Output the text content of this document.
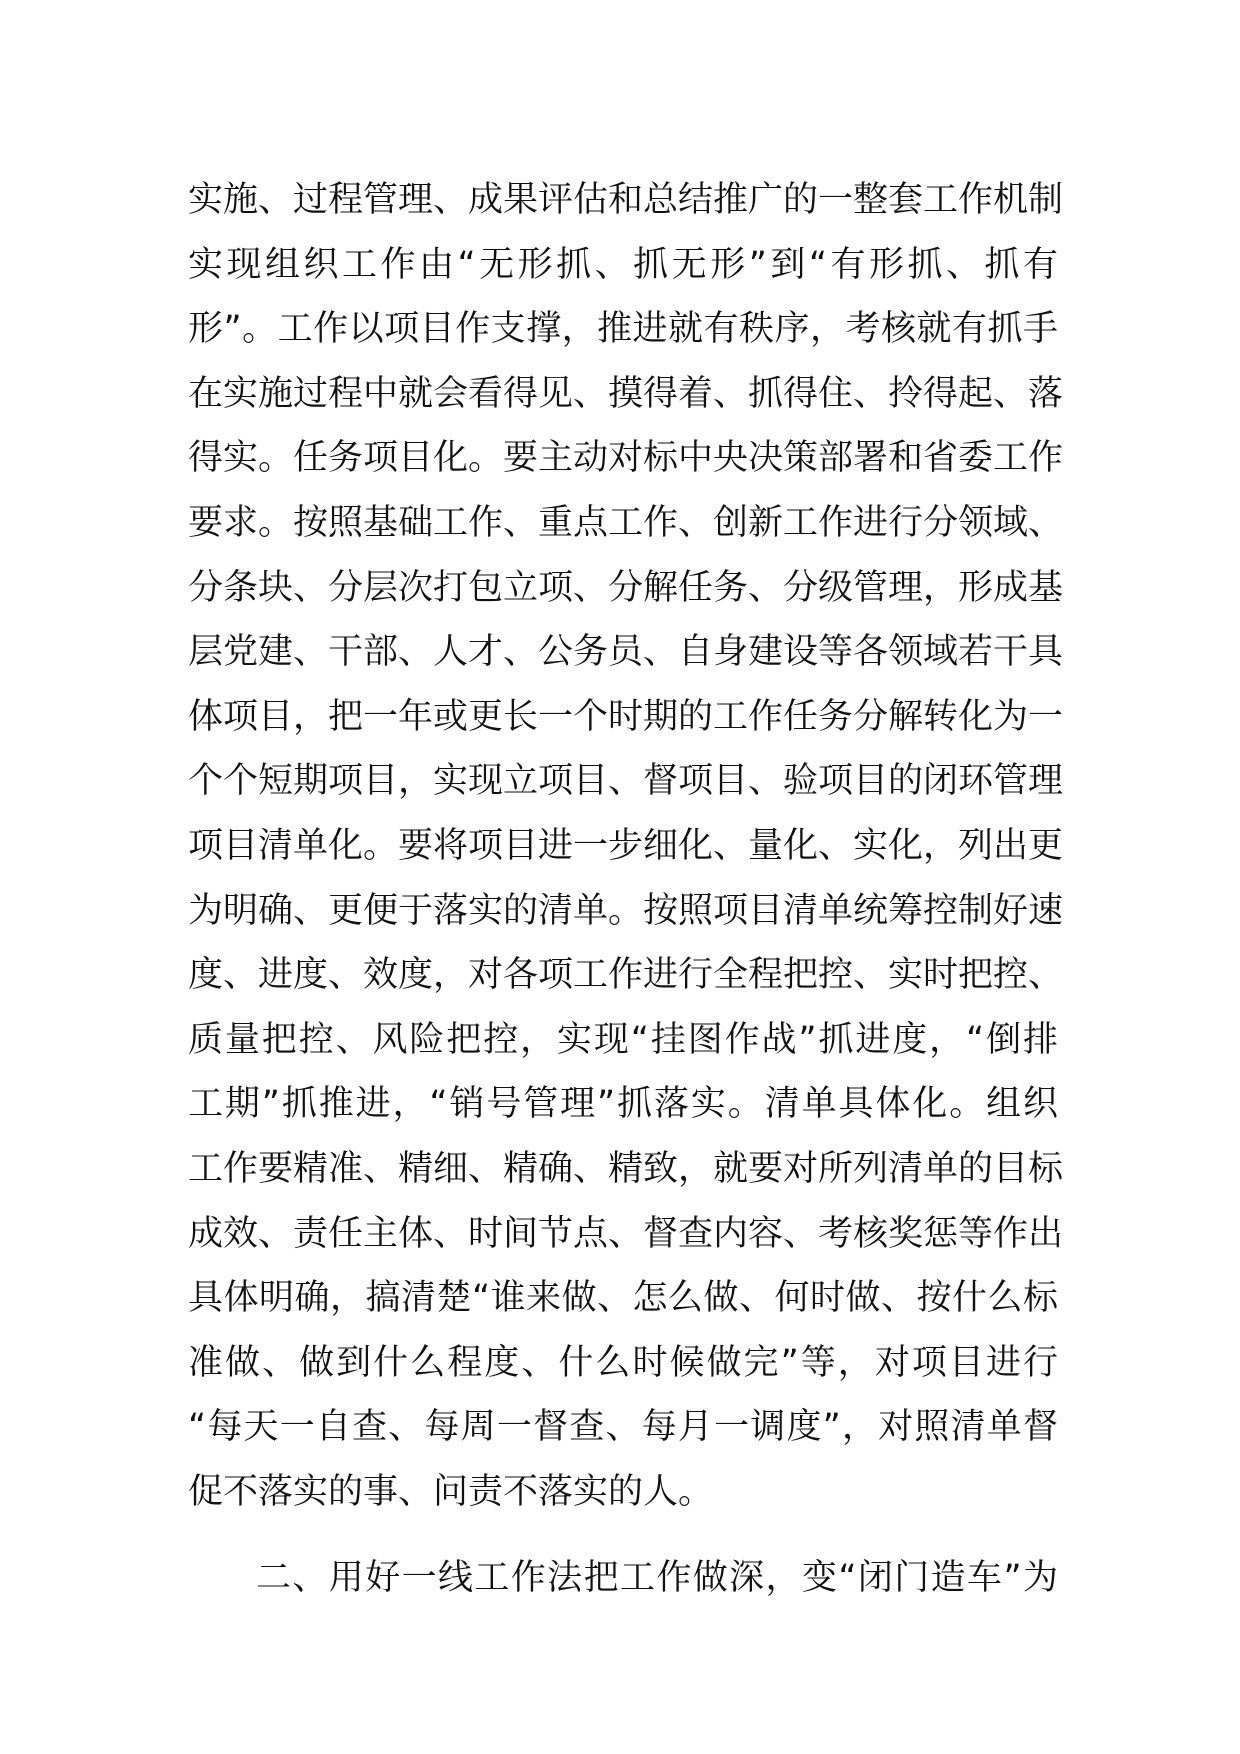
实施、过程管理、成果评估和总结推广的一整套工作机制
实现组织工作由“无形抓、抓无形”到“有形抓、抓有
形”。工作以项目作支撑，推进就有秩序，考核就有抓手
在实施过程中就会看得见、摸得着、抓得住、拎得起、落
得实。任务项目化。要主动对标中央决策部署和省委工作
要求。按照基础工作、重点工作、创新工作进行分领域、
分条块、分层次打包立项、分解任务、分级管理，形成基
层党建、干部、人才、公务员、自身建设等各领域若干具
体项目，把一年或更长一个时期的工作任务分解转化为一
个个短期项目，实现立项目、督项目、验项目的闭环管理
项目清单化。要将项目进一步细化、量化、实化，列出更
为明确、更便于落实的清单。按照项目清单统筹控制好速
度、进度、效度，对各项工作进行全程把控、实时把控、
质量把控、风险把控，实现“挂图作战”抓进度，“倒排
工期”抓推进，“销号管理”抓落实。清单具体化。组织
工作要精准、精细、精确、精致，就要对所列清单的目标
成效、责任主体、时间节点、督查内容、考核奖惩等作出
具体明确，搞清楚“谁来做、怎么做、何时做、按什么标
准做、做到什么程度、什么时候做完”等，对项目进行
“每天一自查、每周一督查、每月一调度”，对照清单督
促不落实的事、问责不落实的人。
二、用好一线工作法把工作做深，变“闭门造车”为
